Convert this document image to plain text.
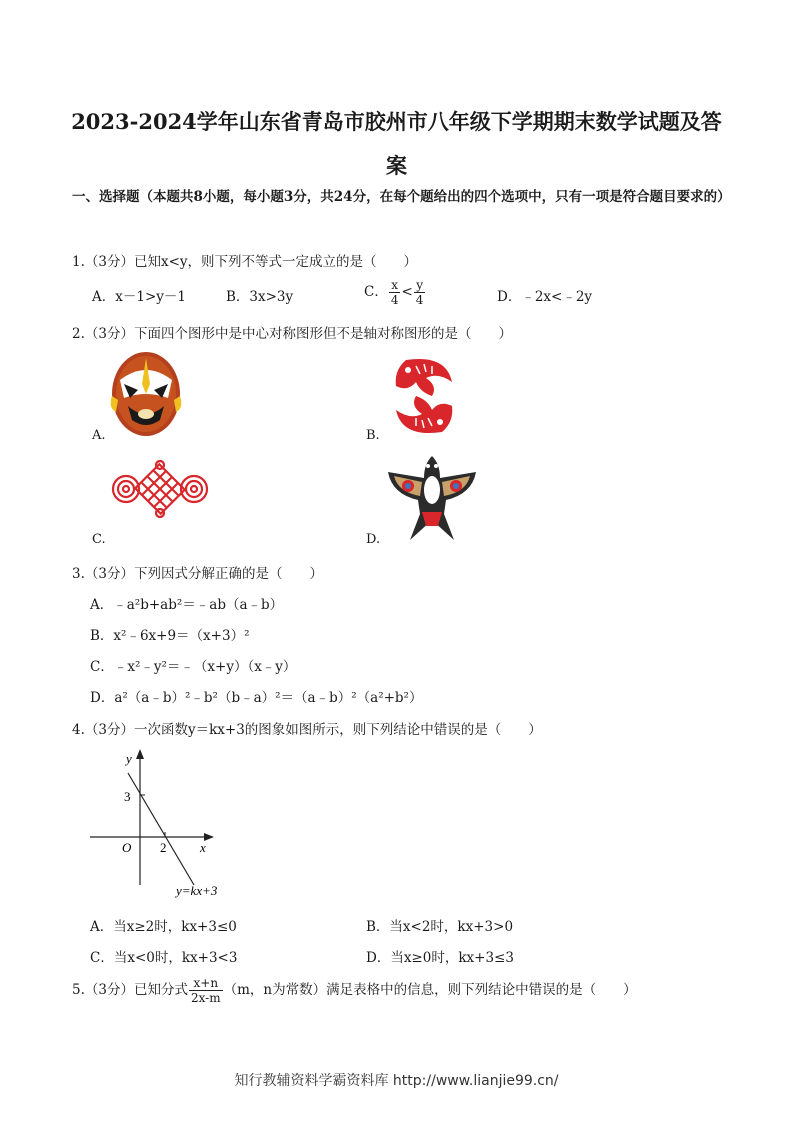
2023-2024学年山东省青岛市胶州市八年级下学期期末数学试题及答案
一、选择题（本题共8小题，每小题3分，共24分，在每个题给出的四个选项中，只有一项是符合题目要求的）
1.（3分）已知x<y，则下列不等式一定成立的是（　　）
A．x－1>y－1	B．3x>3y	C． $\frac{x}{4} < \frac{y}{4}$	D．﹣2x<﹣2y
2.（3分）下面四个图形中是中心对称图形但不是轴对称图形的是（　　）
A.	B.
C.	D.
3.（3分）下列因式分解正确的是（　　）
A．﹣a²b+ab²＝﹣ab（a﹣b）
B．x²﹣6x+9＝（x+3）²
C．﹣x²﹣y²＝﹣（x+y）（x﹣y）
D．a²（a﹣b）²﹣b²（b﹣a）²＝（a﹣b）²（a²+b²）
4.（3分）一次函数y＝kx+3的图象如图所示，则下列结论中错误的是（　　）
y
3
O 2	x
y=kx+3
A．当x≥2时，kx+3≤0	B．当x<2时，kx+3>0
C．当x<0时，kx+3<3	D．当x≥0时，kx+3≤3
5.（3分）已知分式 $\frac{x+n}{2x-m} (m$，n为常数）满足表格中的信息，则下列结论中错误的是（　　）
知行教辅资料学霸资料库 http://www.lianjie99.cn/
